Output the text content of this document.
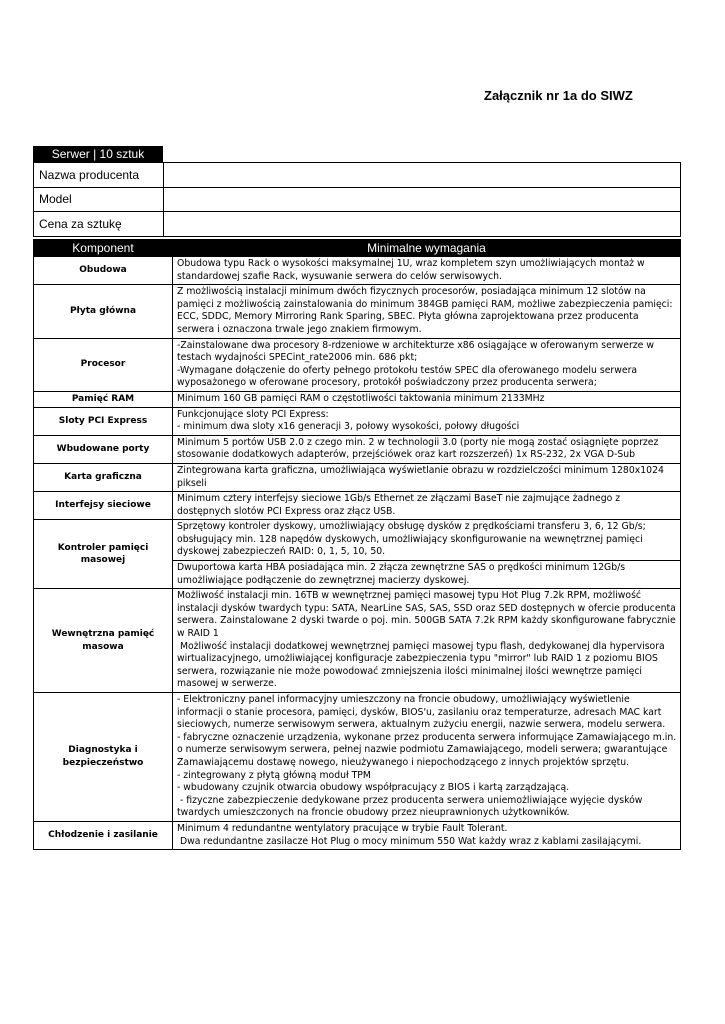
Załącznik nr 1a do SIWZ
Serwer | 10 sztuk
Nazwa producenta	
Model	
Cena za sztukę	
Komponent	Minimalne wymagania
Obudowa	Obudowa typu Rack o wysokości maksymalnej 1U, wraz kompletem szyn umożliwiających montaż w standardowej szafie Rack, wysuwanie serwera do celów serwisowych.

Płyta główna	Z możliwością instalacji minimum dwóch fizycznych procesorów, posiadająca minimum 12 slotów na pamięci z możliwością zainstalowania do minimum 384GB pamięci RAM, możliwe zabezpieczenia pamięci: ECC, SDDC, Memory Mirroring Rank Sparing, SBEC. Płyta główna zaprojektowana przez producenta serwera i oznaczona trwale jego znakiem firmowym.

Procesor	-Zainstalowane dwa procesory 8-rdzeniowe w architekturze x86 osiągające w oferowanym serwerze w testach wydajności SPECint_rate2006 min. 686 pkt;
-Wymagane dołączenie do oferty pełnego protokołu testów SPEC dla oferowanego modelu serwera wyposażonego w oferowane procesory, protokół poświadczony przez producenta serwera;

Pamięć RAM	Minimum 160 GB pamięci RAM o częstotliwości taktowania minimum 2133MHz

Sloty PCI Express	Funkcjonujące sloty PCI Express:
- minimum dwa sloty x16 generacji 3, połowy wysokości, połowy długości

Wbudowane porty	Minimum 5 portów USB 2.0 z czego min. 2 w technologii 3.0 (porty nie mogą zostać osiągnięte poprzez stosowanie dodatkowych adapterów, przejściówek oraz kart rozszerzeń) 1x RS-232, 2x VGA D-Sub

Karta graficzna	Zintegrowana karta graficzna, umożliwiająca wyświetlanie obrazu w rozdzielczości minimum 1280x1024 pikseli

Interfejsy sieciowe	Minimum cztery interfejsy sieciowe 1Gb/s Ethernet ze złączami BaseT nie zajmujące żadnego z dostępnych slotów PCI Express oraz złącz USB.

Kontroler pamięci masowej	Sprzętowy kontroler dyskowy, umożliwiający obsługę dysków z prędkościami transferu 3, 6, 12 Gb/s; obsługujący min. 128 napędów dyskowych, umożliwiający skonfigurowanie na wewnętrznej pamięci dyskowej zabezpieczeń RAID: 0, 1, 5, 10, 50.

	Dwuportowa karta HBA posiadająca min. 2 złącza zewnętrzne SAS o prędkości minimum 12Gb/s umożliwiające podłączenie do zewnętrznej macierzy dyskowej.

Wewnętrzna pamięć masowa	Możliwość instalacji min. 16TB w wewnętrznej pamięci masowej typu Hot Plug 7.2k RPM, możliwość instalacji dysków twardych typu: SATA, NearLine SAS, SAS, SSD oraz SED dostępnych w ofercie producenta serwera. Zainstalowane 2 dyski twarde o poj. min. 500GB SATA 7.2k RPM każdy skonfigurowane fabrycznie w RAID 1
Możliwość instalacji dodatkowej wewnętrznej pamięci masowej typu flash, dedykowanej dla hypervisora wirtualizacyjnego, umożliwiającej konfiguracje zabezpieczenia typu "mirror" lub RAID 1 z poziomu BIOS serwera, rozwiązanie nie może powodować zmniejszenia ilości minimalnej ilości wewnętrze pamięci masowej w serwerze.

Diagnostyka i bezpieczeństwo	- Elektroniczny panel informacyjny umieszczony na froncie obudowy, umożliwiający wyświetlenie informacji o stanie procesora, pamięci, dysków, BIOS'u, zasilaniu oraz temperaturze, adresach MAC kart sieciowych, numerze serwisowym serwera, aktualnym zużyciu energii, nazwie serwera, modelu serwera.
- fabryczne oznaczenie urządzenia, wykonane przez producenta serwera informujące Zamawiającego m.in. o numerze serwisowym serwera, pełnej nazwie podmiotu Zamawiającego, modeli serwera; gwarantujące Zamawiającemu dostawę nowego, nieużywanego i niepochodzącego z innych projektów sprzętu.
- zintegrowany z płytą główną moduł TPM
- wbudowany czujnik otwarcia obudowy współpracujący z BIOS i kartą zarządzającą.
- fizyczne zabezpieczenie dedykowane przez producenta serwera uniemożliwiające wyjęcie dysków twardych umieszczonych na froncie obudowy przez nieuprawnionych użytkowników.

Chłodzenie i zasilanie	Minimum 4 redundantne wentylatory pracujące w trybie Fault Tolerant.
Dwa redundantne zasilacze Hot Plug o mocy minimum 550 Wat każdy wraz z kablami zasilającymi.
